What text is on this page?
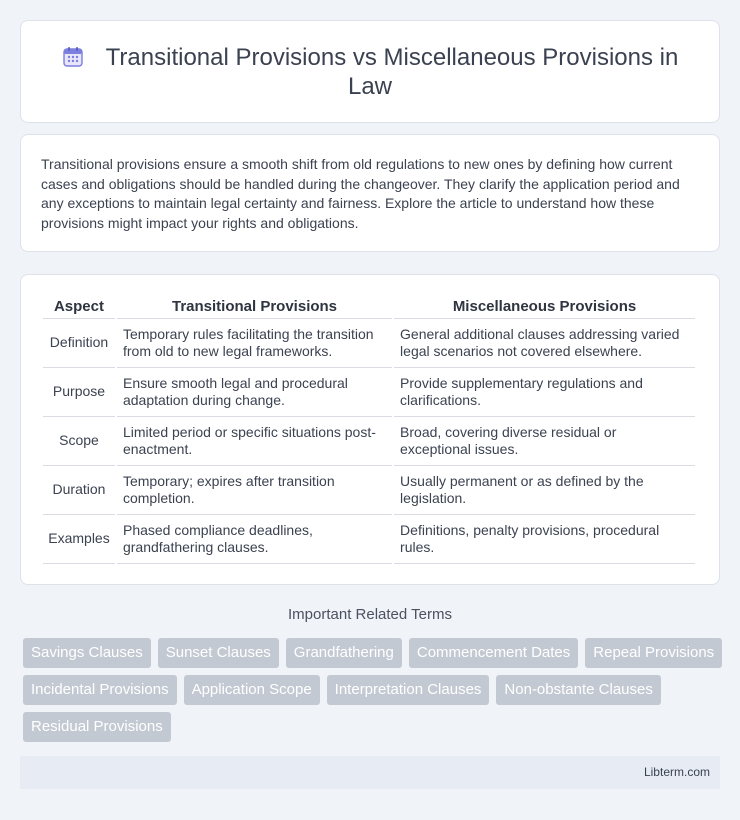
Transitional Provisions vs Miscellaneous Provisions in Law

Transitional provisions ensure a smooth shift from old regulations to new ones by defining how current cases and obligations should be handled during the changeover. They clarify the application period and any exceptions to maintain legal certainty and fairness. Explore the article to understand how these provisions might impact your rights and obligations.

Aspect	Transitional Provisions	Miscellaneous Provisions
Definition	Temporary rules facilitating the transition from old to new legal frameworks.	General additional clauses addressing varied legal scenarios not covered elsewhere.
Purpose	Ensure smooth legal and procedural adaptation during change.	Provide supplementary regulations and clarifications.
Scope	Limited period or specific situations post-enactment.	Broad, covering diverse residual or exceptional issues.
Duration	Temporary; expires after transition completion.	Usually permanent or as defined by the legislation.
Examples	Phased compliance deadlines, grandfathering clauses.	Definitions, penalty provisions, procedural rules.
Important Related Terms
Savings Clauses	Sunset Clauses	Grandfathering	Commencement Dates	Repeal Provisions
Incidental Provisions	Application Scope	Interpretation Clauses	Non-obstante Clauses
Residual Provisions
Libterm.com
